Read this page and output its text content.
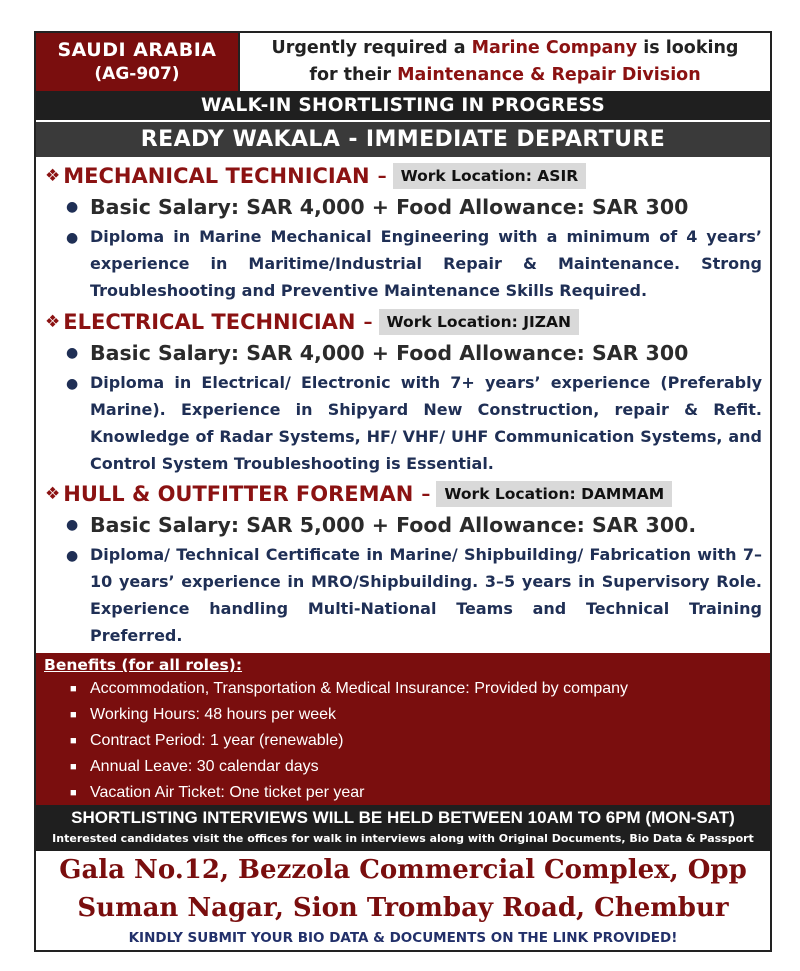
SAUDI ARABIA
(AG-907)
Urgently required a Marine Company is looking
for their Maintenance & Repair Division
WALK-IN SHORTLISTING IN PROGRESS
READY WAKALA - IMMEDIATE DEPARTURE
❖ MECHANICAL TECHNICIAN – Work Location: ASIR
● Basic Salary: SAR 4,000 + Food Allowance: SAR 300
● Diploma in Marine Mechanical Engineering with a minimum of 4 years’ experience in Maritime/Industrial Repair & Maintenance. Strong Troubleshooting and Preventive Maintenance Skills Required.
❖ ELECTRICAL TECHNICIAN – Work Location: JIZAN
● Basic Salary: SAR 4,000 + Food Allowance: SAR 300
● Diploma in Electrical/ Electronic with 7+ years’ experience (Preferably Marine). Experience in Shipyard New Construction, repair & Refit. Knowledge of Radar Systems, HF/ VHF/ UHF Communication Systems, and Control System Troubleshooting is Essential.
❖ HULL & OUTFITTER FOREMAN – Work Location: DAMMAM
● Basic Salary: SAR 5,000 + Food Allowance: SAR 300.
● Diploma/ Technical Certificate in Marine/ Shipbuilding/ Fabrication with 7–10 years’ experience in MRO/Shipbuilding. 3–5 years in Supervisory Role. Experience handling Multi-National Teams and Technical Training Preferred.
Benefits (for all roles):
■ Accommodation, Transportation & Medical Insurance: Provided by company
■ Working Hours: 48 hours per week
■ Contract Period: 1 year (renewable)
■ Annual Leave: 30 calendar days
■ Vacation Air Ticket: One ticket per year
SHORTLISTING INTERVIEWS WILL BE HELD BETWEEN 10AM TO 6PM (MON-SAT)
Interested candidates visit the offices for walk in interviews along with Original Documents, Bio Data & Passport
Gala No.12, Bezzola Commercial Complex, Opp
Suman Nagar, Sion Trombay Road, Chembur
KINDLY SUBMIT YOUR BIO DATA & DOCUMENTS ON THE LINK PROVIDED!
